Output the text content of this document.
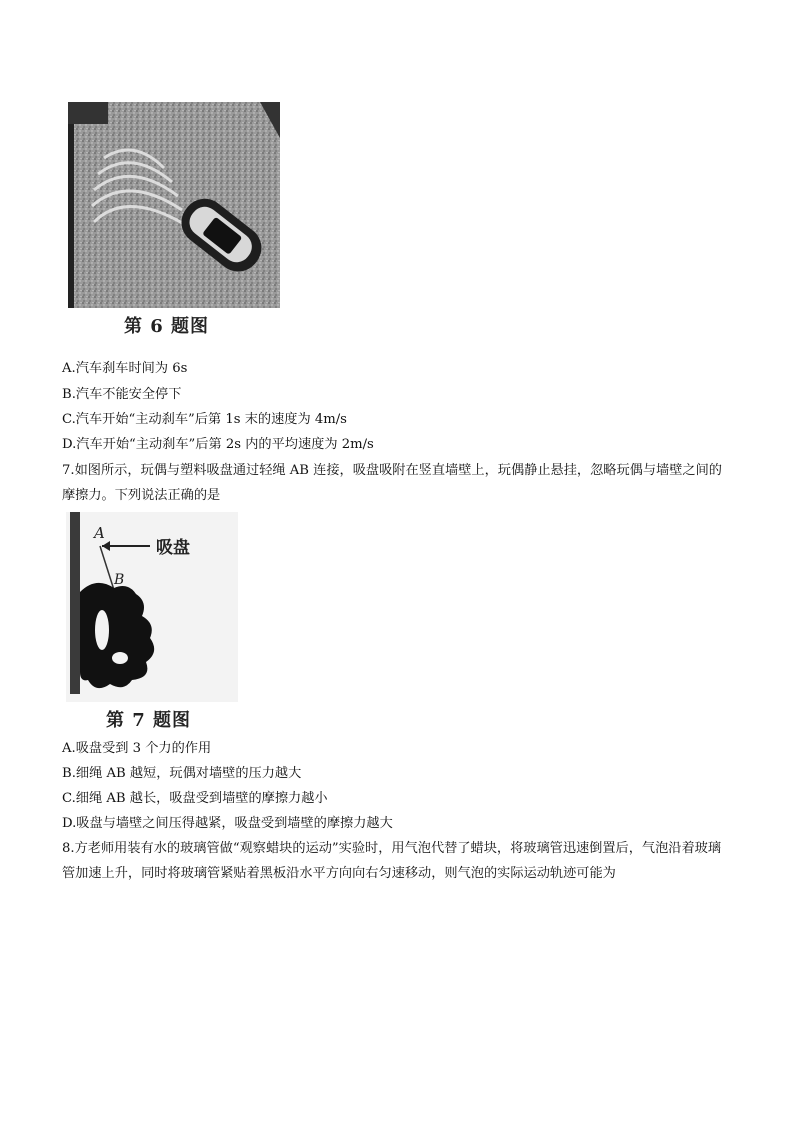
第 6 题图
A.汽车刹车时间为 6s
B.汽车不能安全停下
C.汽车开始“主动刹车”后第 1s 末的速度为 4m/s
D.汽车开始“主动刹车”后第 2s 内的平均速度为 2m/s
7.如图所示，玩偶与塑料吸盘通过轻绳 AB 连接，吸盘吸附在竖直墙壁上，玩偶静止悬挂，忽略玩偶与墙壁之间的摩擦力。下列说法正确的是
A
B
吸盘
第 7 题图
A.吸盘受到 3 个力的作用
B.细绳 AB 越短，玩偶对墙壁的压力越大
C.细绳 AB 越长，吸盘受到墙壁的摩擦力越小
D.吸盘与墙壁之间压得越紧，吸盘受到墙壁的摩擦力越大
8.方老师用装有水的玻璃管做“观察蜡块的运动”实验时，用气泡代替了蜡块，将玻璃管迅速倒置后，气泡沿着玻璃管加速上升，同时将玻璃管紧贴着黑板沿水平方向向右匀速移动，则气泡的实际运动轨迹可能为
